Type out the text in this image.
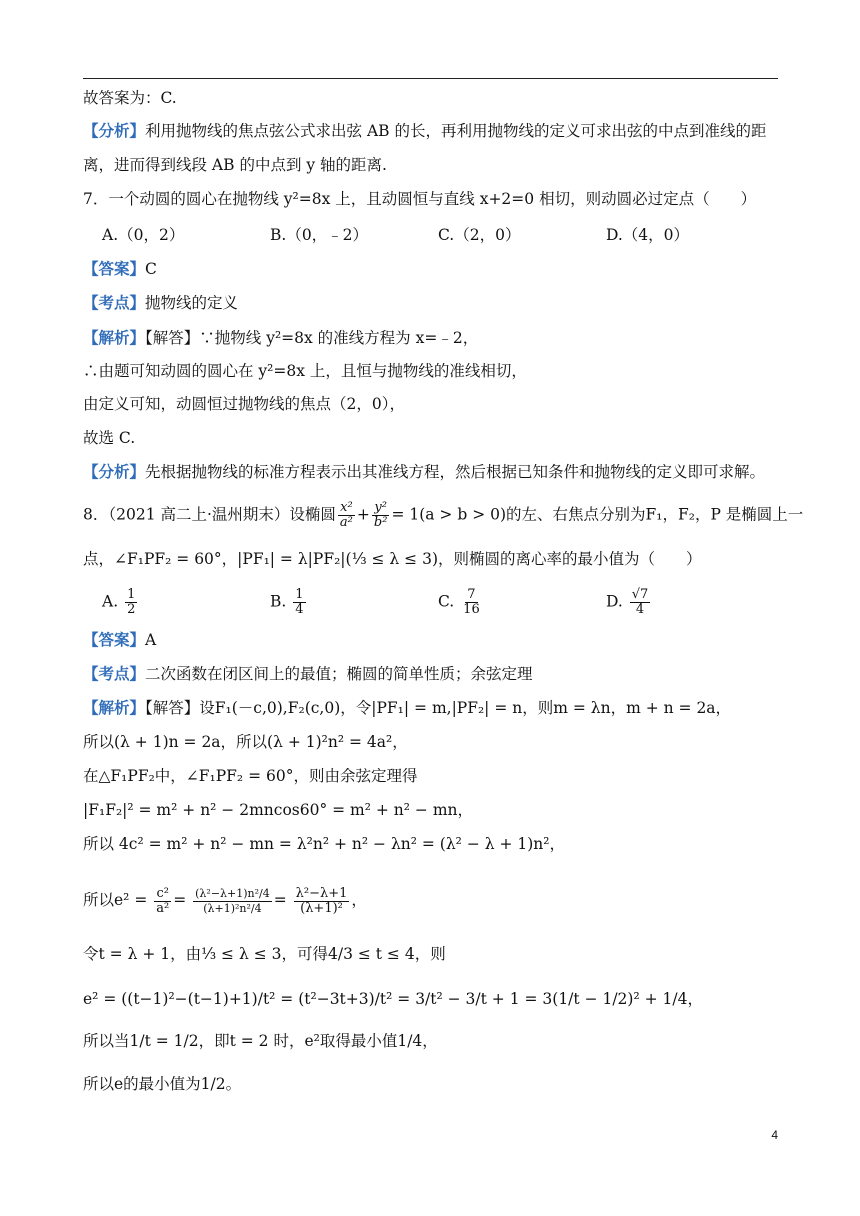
故答案为：C.
【分析】利用抛物线的焦点弦公式求出弦 AB 的长，再利用抛物线的定义可求出弦的中点到准线的距
离，进而得到线段 AB 的中点到 y 轴的距离.
7．一个动圆的圆心在抛物线 y²=8x 上，且动圆恒与直线 x+2=0 相切，则动圆必过定点（　　）
A.（0，2）	B.（0，﹣2）	C.（2，0）	D.（4，0）
【答案】C
【考点】抛物线的定义
【解析】【解答】∵抛物线 y²=8x 的准线方程为 x=﹣2，
∴由题可知动圆的圆心在 y²=8x 上，且恒与抛物线的准线相切，
由定义可知，动圆恒过抛物线的焦点（2，0），
故选 C.
【分析】先根据抛物线的标准方程表示出其准线方程，然后根据已知条件和抛物线的定义即可求解。
8．（2021 高二上·温州期末）设椭圆 $\frac{\text{x²}}{\text{a²}} + \frac{\text{y²}}{\text{b²}} = 1(a > b > 0)$的左、右焦点分别为F₁，F₂，P 是椭圆上一
点，∠F₁PF₂ = 60°，|PF₁| = λ|PF₂|(⅓ ≤ λ ≤ 3)，则椭圆的离心率的最小值为（　　）
A. $\frac{1}{2}$	B. $\frac{1}{4}$	C. $\frac{7}{16}$	D. $\frac{√7}{4}$
【答案】A
【考点】二次函数在闭区间上的最值；椭圆的简单性质；余弦定理
【解析】【解答】设F₁(－c,0),F₂(c,0)，令|PF₁| = m,|PF₂| = n，则m = λn，m + n = 2a，
所以(λ + 1)n = 2a，所以(λ + 1)²n² = 4a²，
在△F₁PF₂中，∠F₁PF₂ = 60°，则由余弦定理得
|F₁F₂|² = m² + n² − 2mncos60° = m² + n² − mn，
所以 4c² = m² + n² − mn = λ²n² + n² − λn² = (λ² − λ + 1)n²，
所以$e^2 = \frac{\text{c²}}{\text{a²}} = \frac{\text{(λ²−λ+1)n²/4}}{\text{(λ+1)²n²/4}} = \frac{\text{λ²−λ+1}}{\text{(λ+1)²}}$ ，
令t = λ + 1，由⅓ ≤ λ ≤ 3，可得4/3 ≤ t ≤ 4，则
e² = ((t−1)²−(t−1)+1)/t² = (t²−3t+3)/t² = 3/t² − 3/t + 1 = 3(1/t − 1/2)² + 1/4，
所以当1/t = 1/2，即t = 2 时，e²取得最小值1/4，
所以e的最小值为1/2。
4
